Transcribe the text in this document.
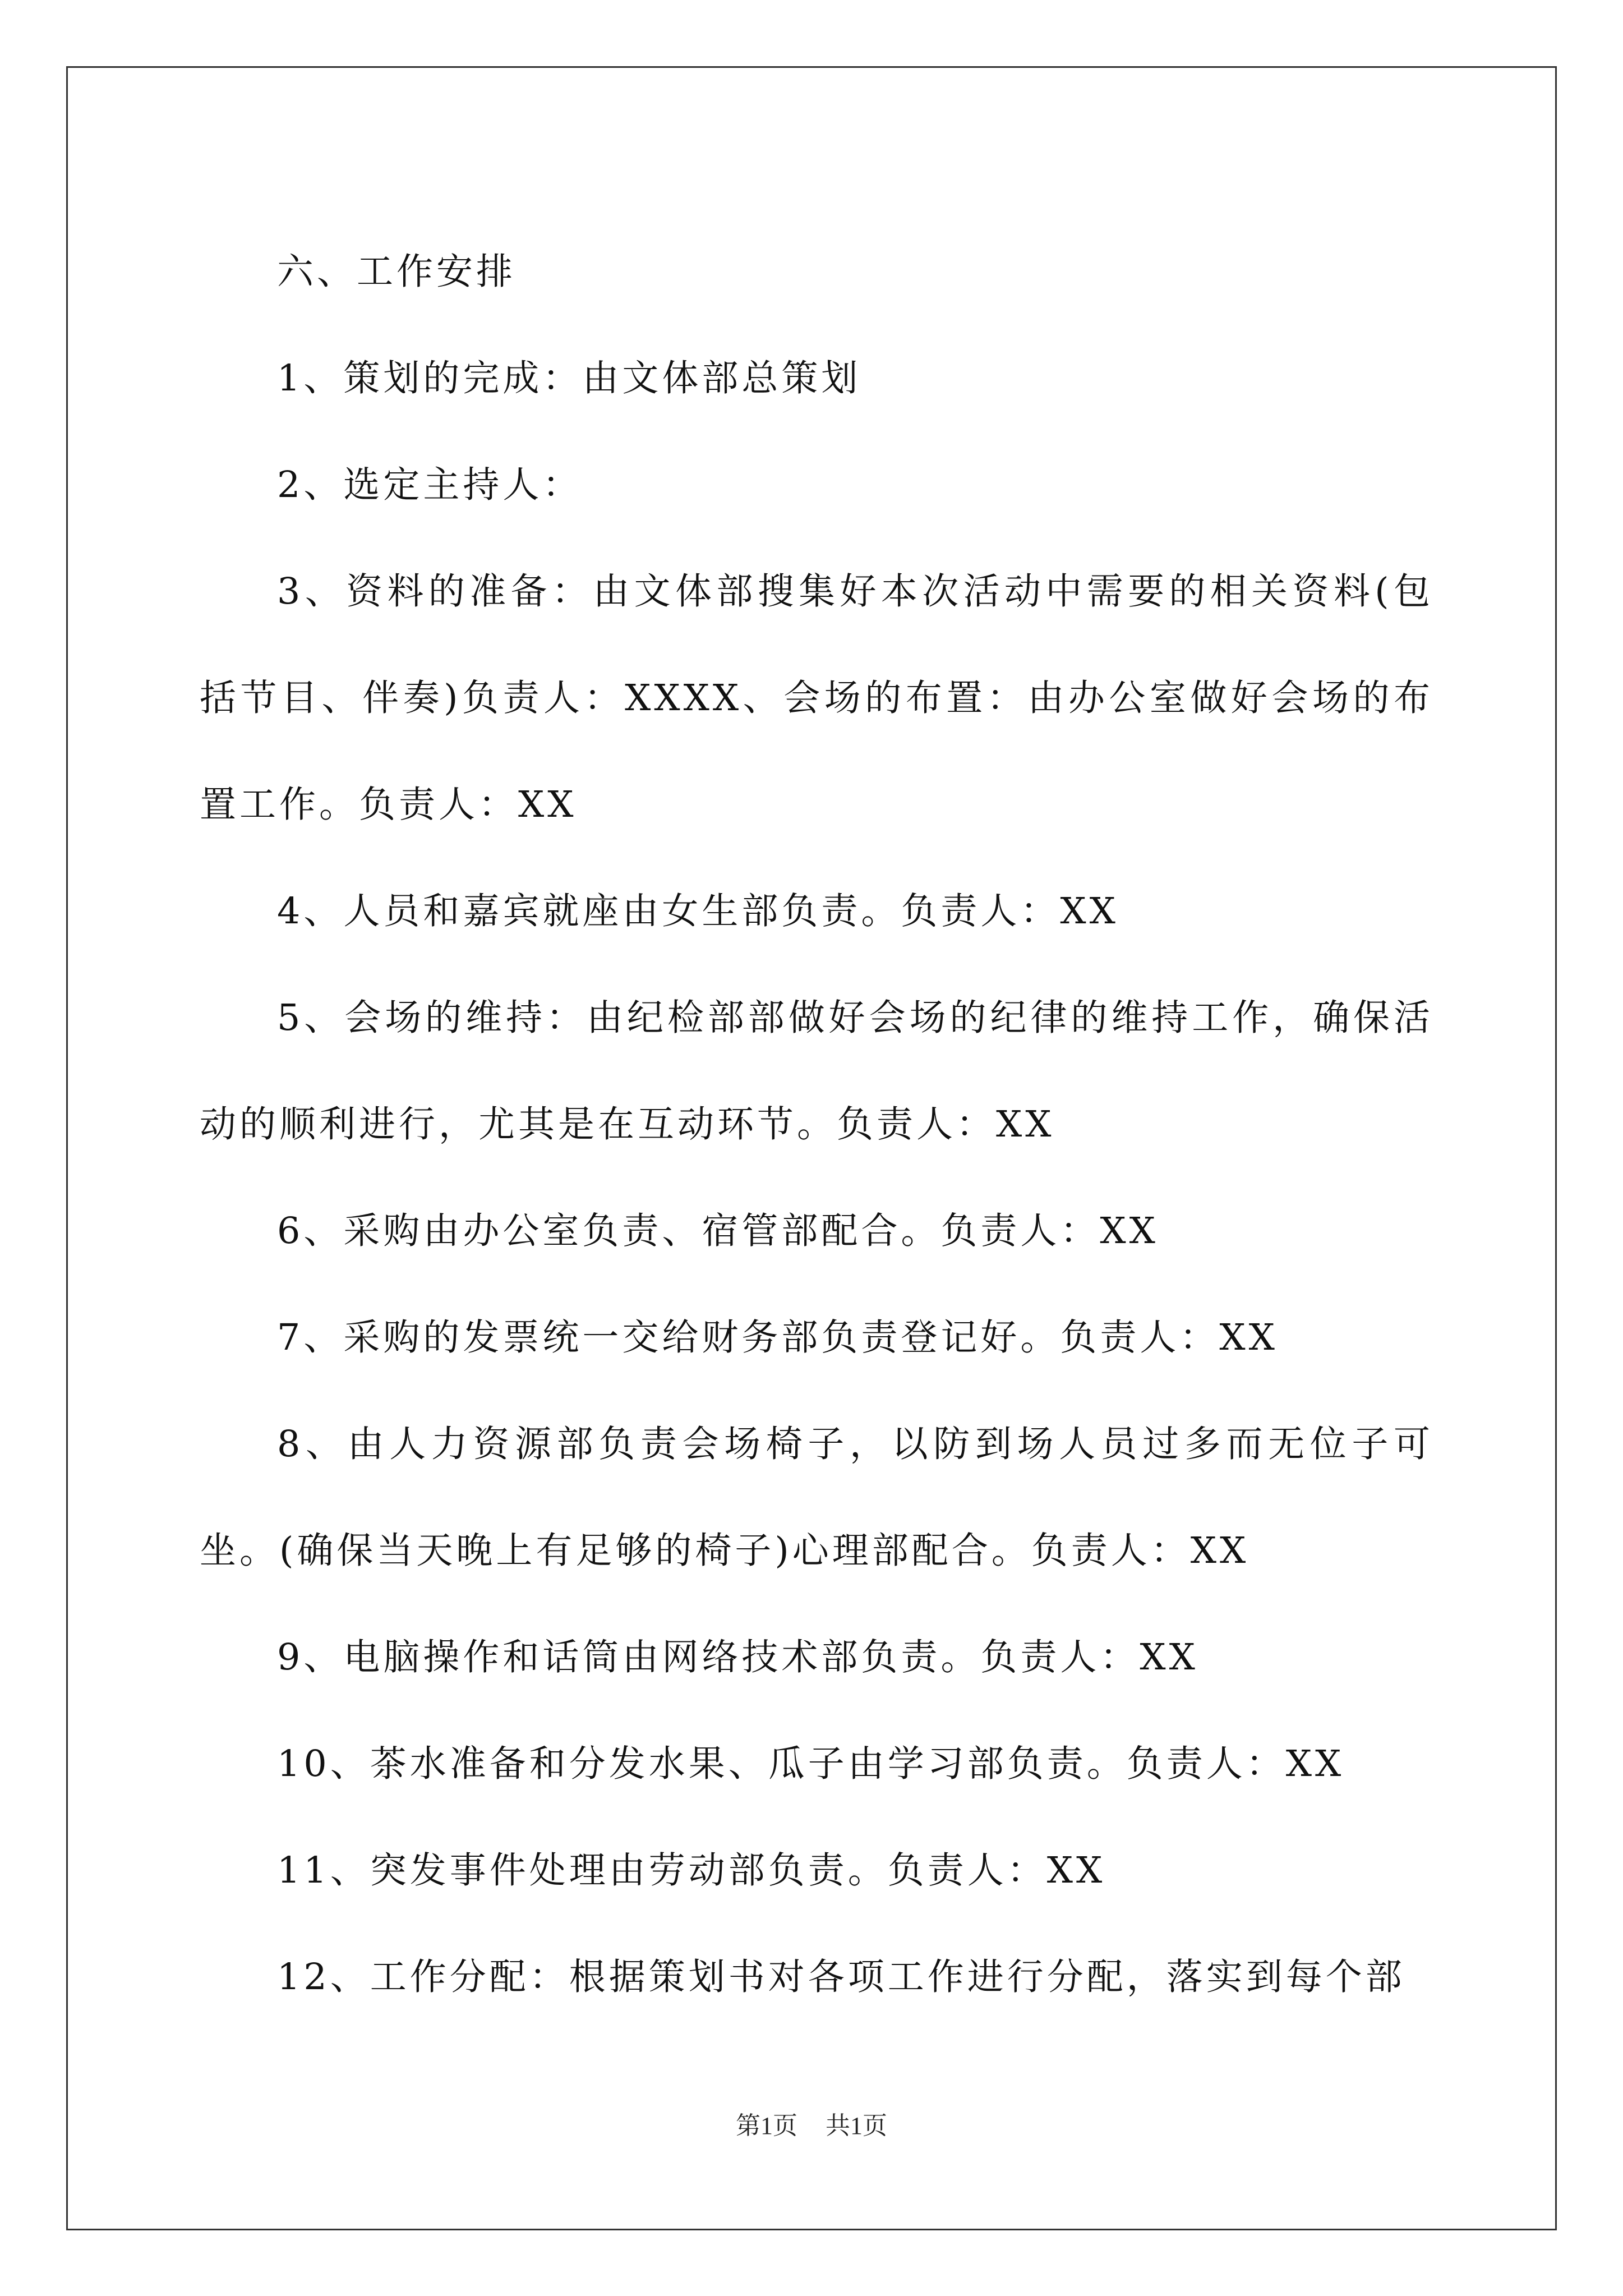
六、工作安排

1、策划的完成：由文体部总策划

2、选定主持人：

3、资料的准备：由文体部搜集好本次活动中需要的相关资料(包括节目、伴奏)负责人：XXXX、会场的布置：由办公室做好会场的布置工作。负责人：XX

4、人员和嘉宾就座由女生部负责。负责人：XX

5、会场的维持：由纪检部部做好会场的纪律的维持工作，确保活动的顺利进行，尤其是在互动环节。负责人：XX

6、采购由办公室负责、宿管部配合。负责人：XX

7、采购的发票统一交给财务部负责登记好。负责人：XX

8、由人力资源部负责会场椅子，以防到场人员过多而无位子可坐。(确保当天晚上有足够的椅子)心理部配合。负责人：XX

9、电脑操作和话筒由网络技术部负责。负责人：XX

10、茶水准备和分发水果、瓜子由学习部负责。负责人：XX

11、突发事件处理由劳动部负责。负责人：XX

12、工作分配：根据策划书对各项工作进行分配，落实到每个部

第1页 共1页
